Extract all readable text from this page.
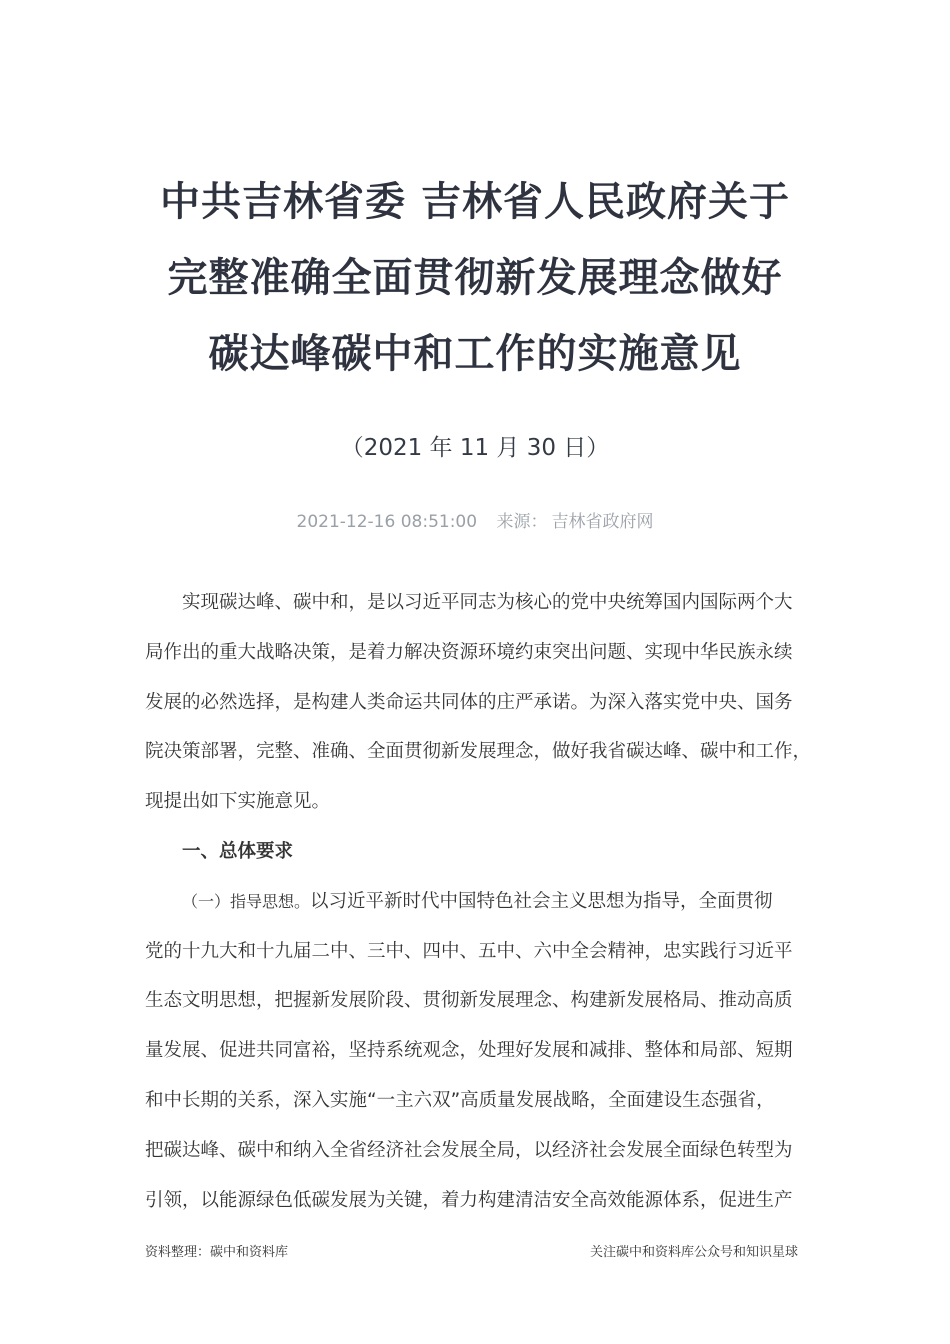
中共吉林省委 吉林省人民政府关于
完整准确全面贯彻新发展理念做好
碳达峰碳中和工作的实施意见
（2021 年 11 月 30 日）
2021-12-16 08:51:00 来源： 吉林省政府网
实现碳达峰、碳中和，是以习近平同志为核心的党中央统筹国内国际两个大
局作出的重大战略决策，是着力解决资源环境约束突出问题、实现中华民族永续
发展的必然选择，是构建人类命运共同体的庄严承诺。为深入落实党中央、国务
院决策部署，完整、准确、全面贯彻新发展理念，做好我省碳达峰、碳中和工作，
现提出如下实施意见。
一、总体要求
（一）指导思想。以习近平新时代中国特色社会主义思想为指导，全面贯彻
党的十九大和十九届二中、三中、四中、五中、六中全会精神，忠实践行习近平
生态文明思想，把握新发展阶段、贯彻新发展理念、构建新发展格局、推动高质
量发展、促进共同富裕，坚持系统观念，处理好发展和减排、整体和局部、短期
和中长期的关系，深入实施“一主六双”高质量发展战略，全面建设生态强省，
把碳达峰、碳中和纳入全省经济社会发展全局，以经济社会发展全面绿色转型为
引领，以能源绿色低碳发展为关键，着力构建清洁安全高效能源体系，促进生产
资料整理：碳中和资料库	关注碳中和资料库公众号和知识星球
